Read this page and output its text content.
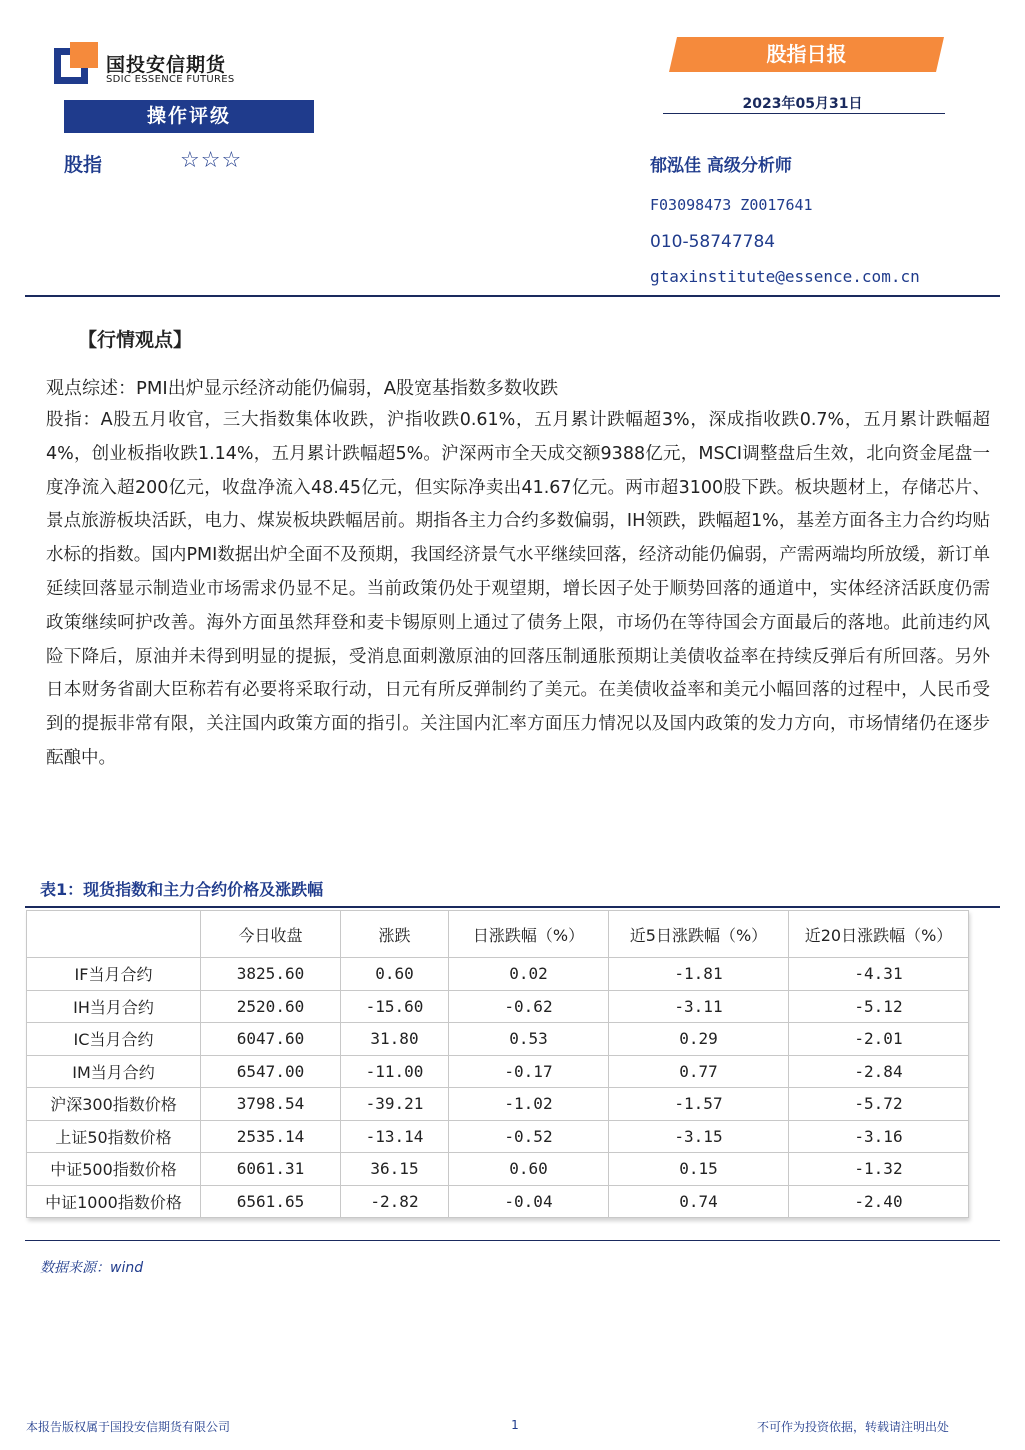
国投安信期货
SDIC ESSENCE FUTURES
股指日报
2023年05月31日
操作评级
股指	☆☆☆	郁泓佳 高级分析师
F03098473 Z0017641
010-58747784
gtaxinstitute@essence.com.cn
【行情观点】
观点综述：PMI出炉显示经济动能仍偏弱，A股宽基指数多数收跌
股指：A股五月收官，三大指数集体收跌，沪指收跌0.61%，五月累计跌幅超3%，深成指收跌0.7%，五月累计跌幅超4%，创业板指收跌1.14%，五月累计跌幅超5%。沪深两市全天成交额9388亿元，MSCI调整盘后生效，北向资金尾盘一度净流入超200亿元，收盘净流入48.45亿元，但实际净卖出41.67亿元。两市超3100股下跌。板块题材上，存储芯片、景点旅游板块活跃，电力、煤炭板块跌幅居前。期指各主力合约多数偏弱，IH领跌，跌幅超1%，基差方面各主力合约均贴水标的指数。国内PMI数据出炉全面不及预期，我国经济景气水平继续回落，经济动能仍偏弱，产需两端均所放缓，新订单延续回落显示制造业市场需求仍显不足。当前政策仍处于观望期，增长因子处于顺势回落的通道中，实体经济活跃度仍需政策继续呵护改善。海外方面虽然拜登和麦卡锡原则上通过了债务上限，市场仍在等待国会方面最后的落地。此前违约风险下降后，原油并未得到明显的提振，受消息面刺激原油的回落压制通胀预期让美债收益率在持续反弹后有所回落。另外日本财务省副大臣称若有必要将采取行动，日元有所反弹制约了美元。在美债收益率和美元小幅回落的过程中，人民币受到的提振非常有限，关注国内政策方面的指引。关注国内汇率方面压力情况以及国内政策的发力方向，市场情绪仍在逐步酝酿中。
表1：现货指数和主力合约价格及涨跌幅
	今日收盘	涨跌	日涨跌幅（%）	近5日涨跌幅（%）	近20日涨跌幅（%）
IF当月合约	3825.60	0.60	0.02	-1.81	-4.31
IH当月合约	2520.60	-15.60	-0.62	-3.11	-5.12
IC当月合约	6047.60	31.80	0.53	0.29	-2.01
IM当月合约	6547.00	-11.00	-0.17	0.77	-2.84
沪深300指数价格	3798.54	-39.21	-1.02	-1.57	-5.72
上证50指数价格	2535.14	-13.14	-0.52	-3.15	-3.16
中证500指数价格	6061.31	36.15	0.60	0.15	-1.32
中证1000指数价格	6561.65	-2.82	-0.04	0.74	-2.40
数据来源：wind
本报告版权属于国投安信期货有限公司	1	不可作为投资依据，转载请注明出处
